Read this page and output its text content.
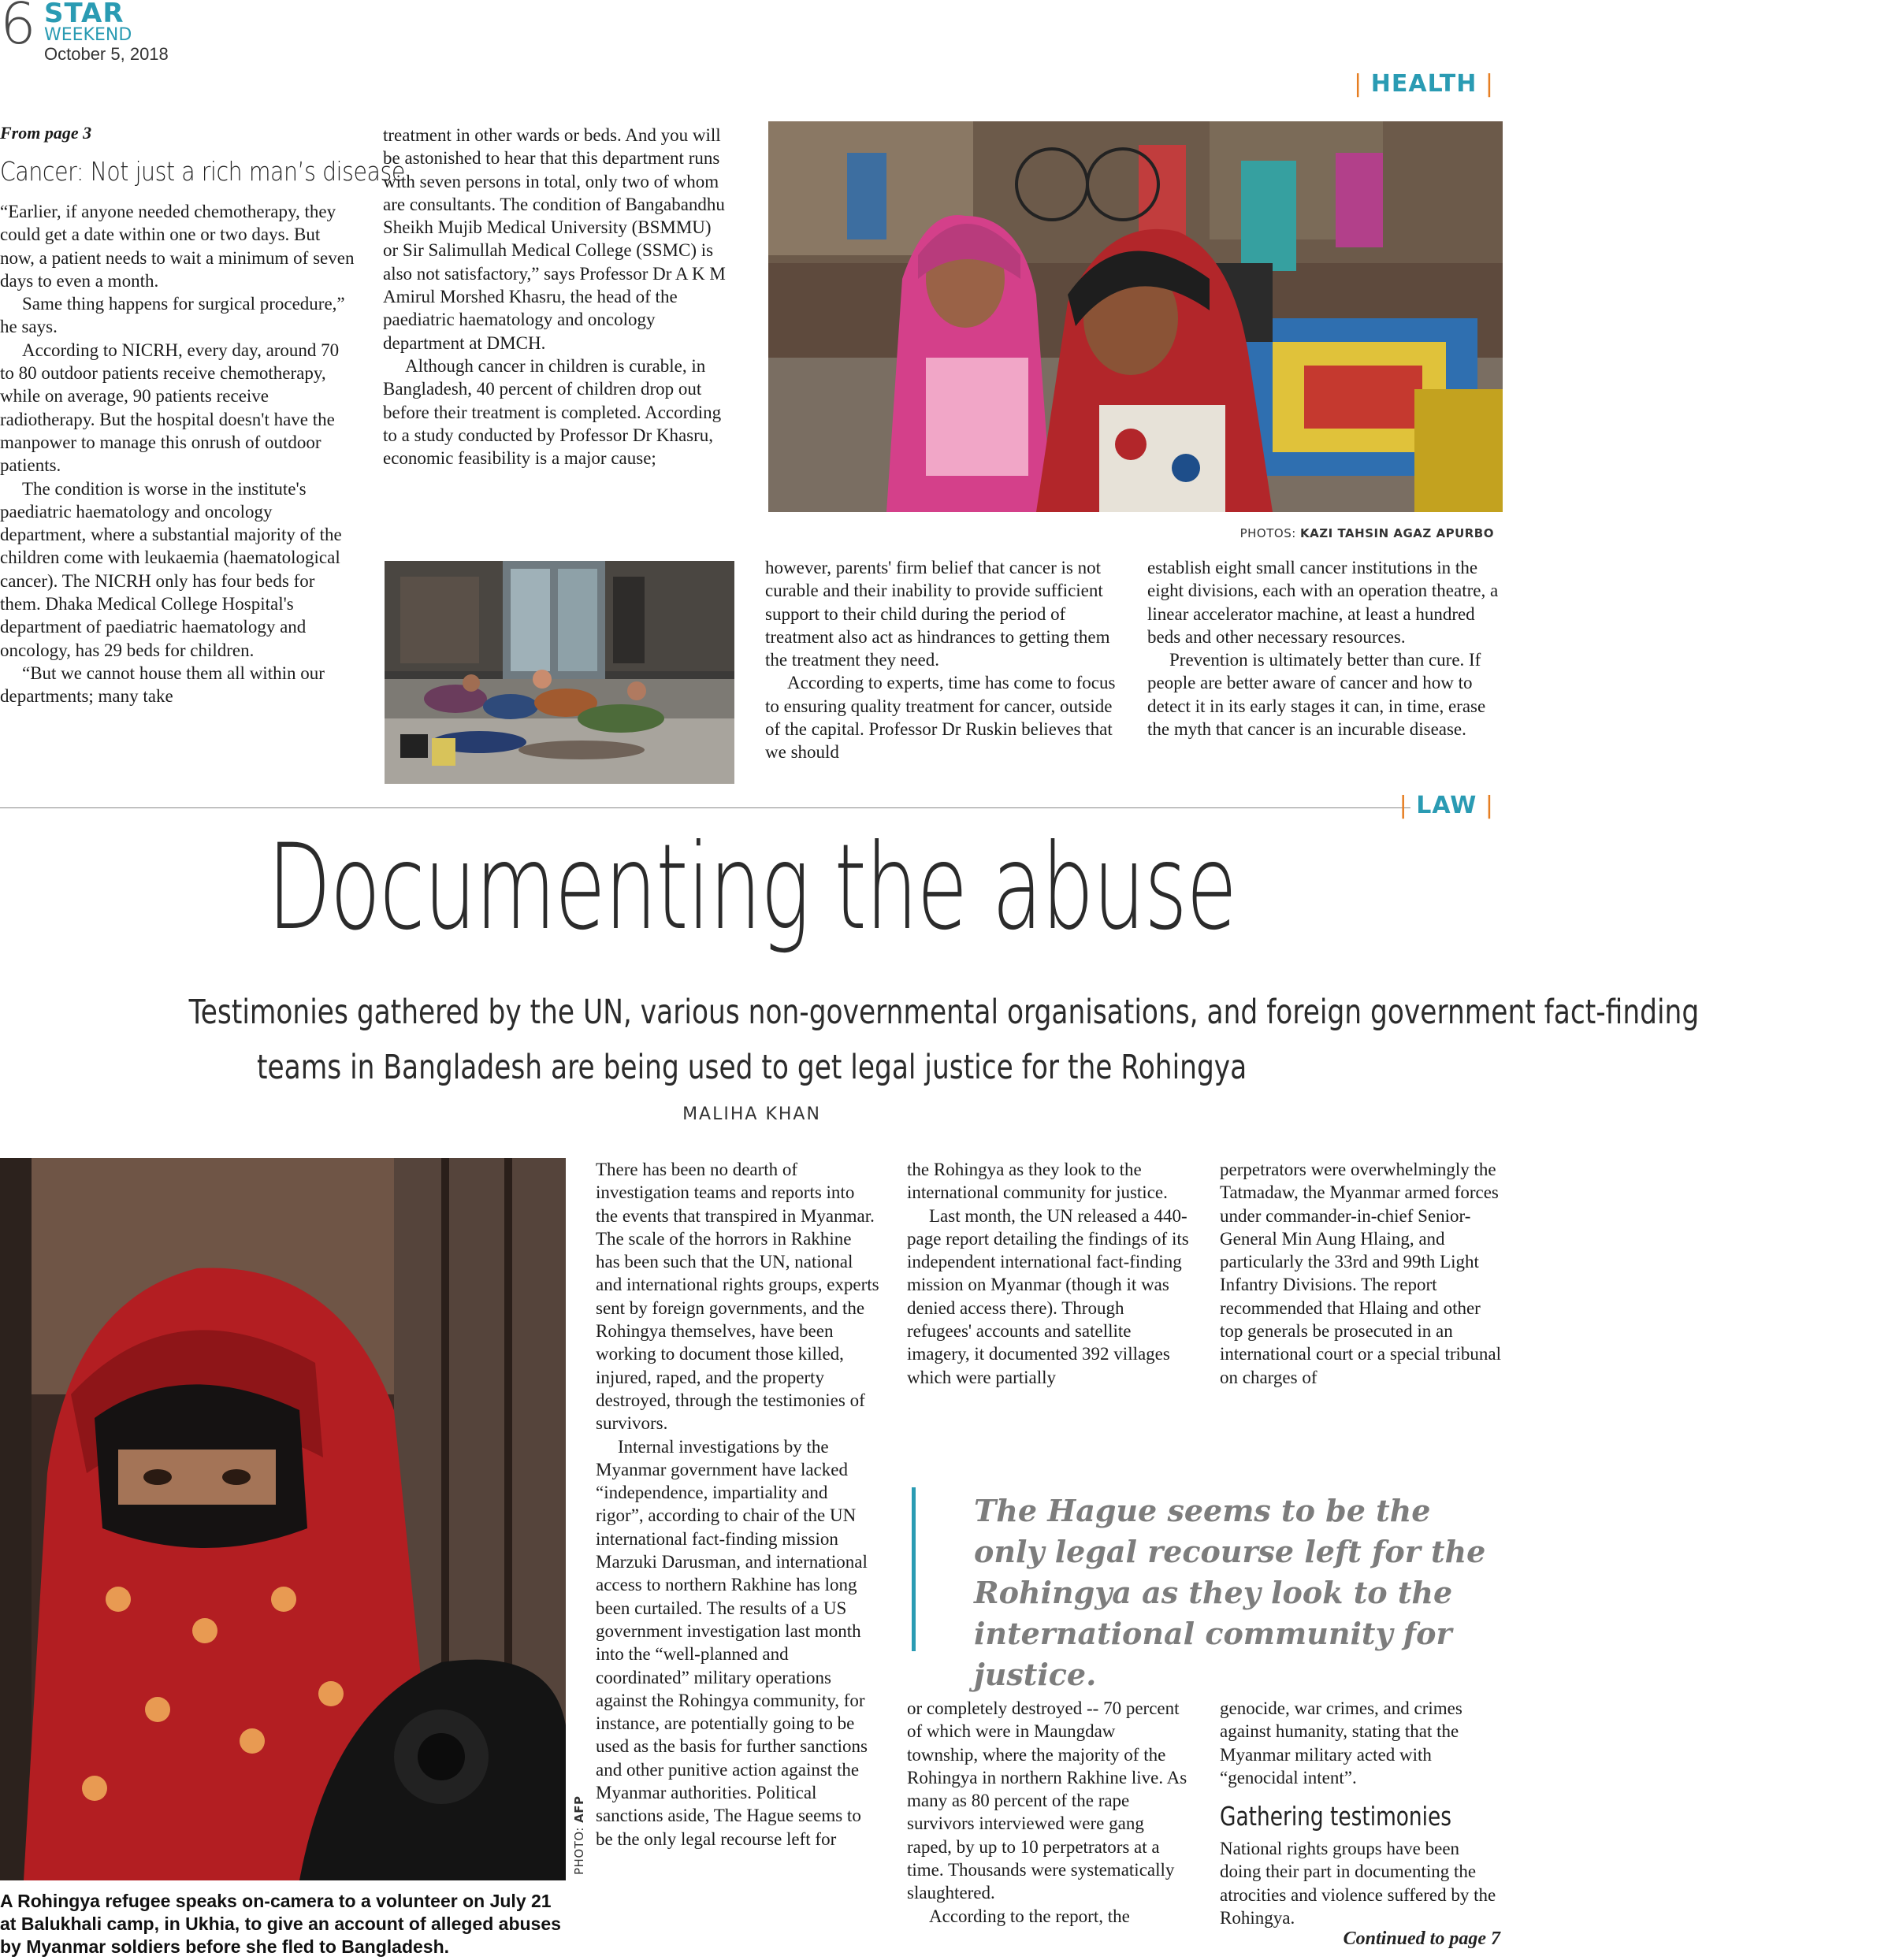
6 STAR
WEEKEND
October 5, 2018
| HEALTH |
From page 3
Cancer: Not just a rich man’s disease

“Earlier, if anyone needed chemotherapy, they could get a date within one or two days. But now, a patient needs to wait a minimum of seven days to even a month.

Same thing happens for surgical procedure,” he says.

According to NICRH, every day, around 70 to 80 outdoor patients receive chemotherapy, while on average, 90 patients receive radiotherapy. But the hospital doesn't have the manpower to manage this onrush of outdoor patients.

The condition is worse in the institute's paediatric haematology and oncology department, where a substantial majority of the children come with leukaemia (haematological cancer). The NICRH only has four beds for them. Dhaka Medical College Hospital's department of paediatric haematology and oncology, has 29 beds for children.

“But we cannot house them all within our departments; many take

treatment in other wards or beds. And you will be astonished to hear that this department runs with seven persons in total, only two of whom are consultants. The condition of Bangabandhu Sheikh Mujib Medical University (BSMMU) or Sir Salimullah Medical College (SSMC) is also not satisfactory,” says Professor Dr A K M Amirul Morshed Khasru, the head of the paediatric haematology and oncology department at DMCH.

Although cancer in children is curable, in Bangladesh, 40 percent of children drop out before their treatment is completed. According to a study conducted by Professor Dr Khasru, economic feasibility is a major cause;

PHOTOS: KAZI TAHSIN AGAZ APURBO

however, parents' firm belief that cancer is not curable and their inability to provide sufficient support to their child during the period of treatment also act as hindrances to getting them the treatment they need.

According to experts, time has come to focus to ensuring quality treatment for cancer, outside of the capital. Professor Dr Ruskin believes that we should

establish eight small cancer institutions in the eight divisions, each with an operation theatre, a linear accelerator machine, at least a hundred beds and other necessary resources.

Prevention is ultimately better than cure. If people are better aware of cancer and how to detect it in its early stages it can, in time, erase the myth that cancer is an incurable disease.

| LAW |
Documenting the abuse
Testimonies gathered by the UN, various non-governmental organisations, and foreign government fact-finding
teams in Bangladesh are being used to get legal justice for the Rohingya
MALIHA KHAN
PHOTO: AFP
A Rohingya refugee speaks on-camera to a volunteer on July 21 at Balukhali camp, in Ukhia, to give an account of alleged abuses by Myanmar soldiers before she fled to Bangladesh.

There has been no dearth of investigation teams and reports into the events that transpired in Myanmar. The scale of the horrors in Rakhine has been such that the UN, national and international rights groups, experts sent by foreign governments, and the Rohingya themselves, have been working to document those killed, injured, raped, and the property destroyed, through the testimonies of survivors.

Internal investigations by the Myanmar government have lacked “independence, impartiality and rigor”, according to chair of the UN international fact-finding mission Marzuki Darusman, and international access to northern Rakhine has long been curtailed. The results of a US government investigation last month into the “well-planned and coordinated” military operations against the Rohingya community, for instance, are potentially going to be used as the basis for further sanctions and other punitive action against the Myanmar authorities. Political sanctions aside, The Hague seems to be the only legal recourse left for

the Rohingya as they look to the international community for justice.

Last month, the UN released a 440-page report detailing the findings of its independent international fact-finding mission on Myanmar (though it was denied access there). Through refugees' accounts and satellite imagery, it documented 392 villages which were partially

perpetrators were overwhelmingly the Tatmadaw, the Myanmar armed forces under commander-in-chief Senior-General Min Aung Hlaing, and particularly the 33rd and 99th Light Infantry Divisions. The report recommended that Hlaing and other top generals be prosecuted in an international court or a special tribunal on charges of

The Hague seems to be the only legal recourse left for the Rohingya as they look to the international community for justice.

or completely destroyed -- 70 percent of which were in Maungdaw township, where the majority of the Rohingya in northern Rakhine live. As many as 80 percent of the rape survivors interviewed were gang raped, by up to 10 perpetrators at a time. Thousands were systematically slaughtered.

According to the report, the

genocide, war crimes, and crimes against humanity, stating that the Myanmar military acted with “genocidal intent”.

Gathering testimonies

National rights groups have been doing their part in documenting the atrocities and violence suffered by the Rohingya.

Continued to page 7
